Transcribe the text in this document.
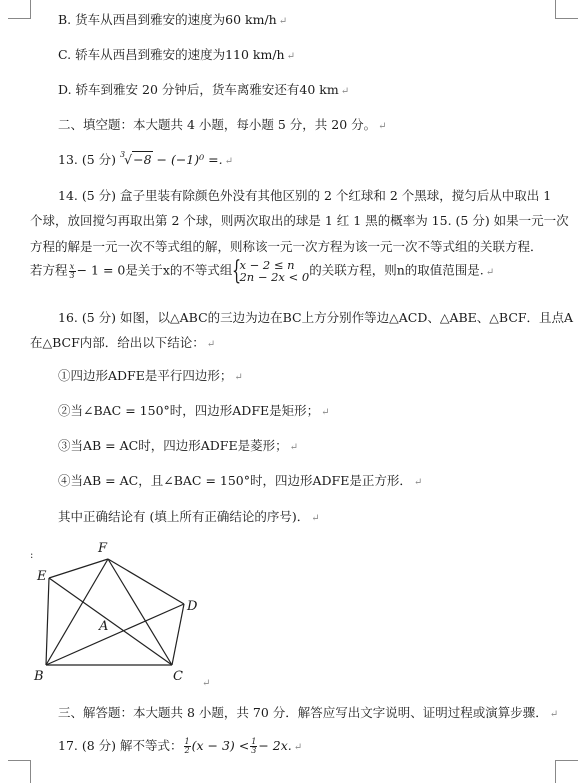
B. 货车从西昌到雅安的速度为60 km/h ↵
C. 轿车从西昌到雅安的速度为110 km/h ↵
D. 轿车到雅安 20 分钟后，货车离雅安还有40 km ↵
二、填空题：本大题共 4 小题，每小题 5 分，共 20 分。 ↵
13. (5 分) $^3$√−8 − (−1)⁰ =. ↵
14. (5 分) 盒子里装有除颜色外没有其他区别的 2 个红球和 2 个黑球，搅匀后从中取出 1
个球，放回搅匀再取出第 2 个球，则两次取出的球是 1 红 1 黑的概率为 15. (5 分) 如果一元一次
方程的解是一元一次不等式组的解，则称该一元一次方程为该一元一次不等式组的关联方程．
若方程 $\frac{x}{3} - 1 = 0$是关于x的不等式组 {
x − 2 ≤ n
2n − 2x < 0 的关联方程，则n的取值范围是. ↵
16. (5 分) 如图，以△ABC的三边为边在BC上方分别作等边△ACD、△ABE、△BCF．且点A
在△BCF内部．给出以下结论： ↵
①四边形ADFE是平行四边形； ↵
②当∠BAC = 150°时，四边形ADFE是矩形； ↵
③当AB = AC时，四边形ADFE是菱形； ↵
④当AB = AC，且∠BAC = 150°时，四边形ADFE是正方形． ↵
其中正确结论有 (填上所有正确结论的序号)． ↵
:	F
E
D
A
B	C ↵
三、解答题：本大题共 8 小题，共 70 分．解答应写出文字说明、证明过程或演算步骤． ↵
17. (8 分) 解不等式： $\frac{1}{2} (x - 3) < \frac{1}{3} - 2x$. ↵
